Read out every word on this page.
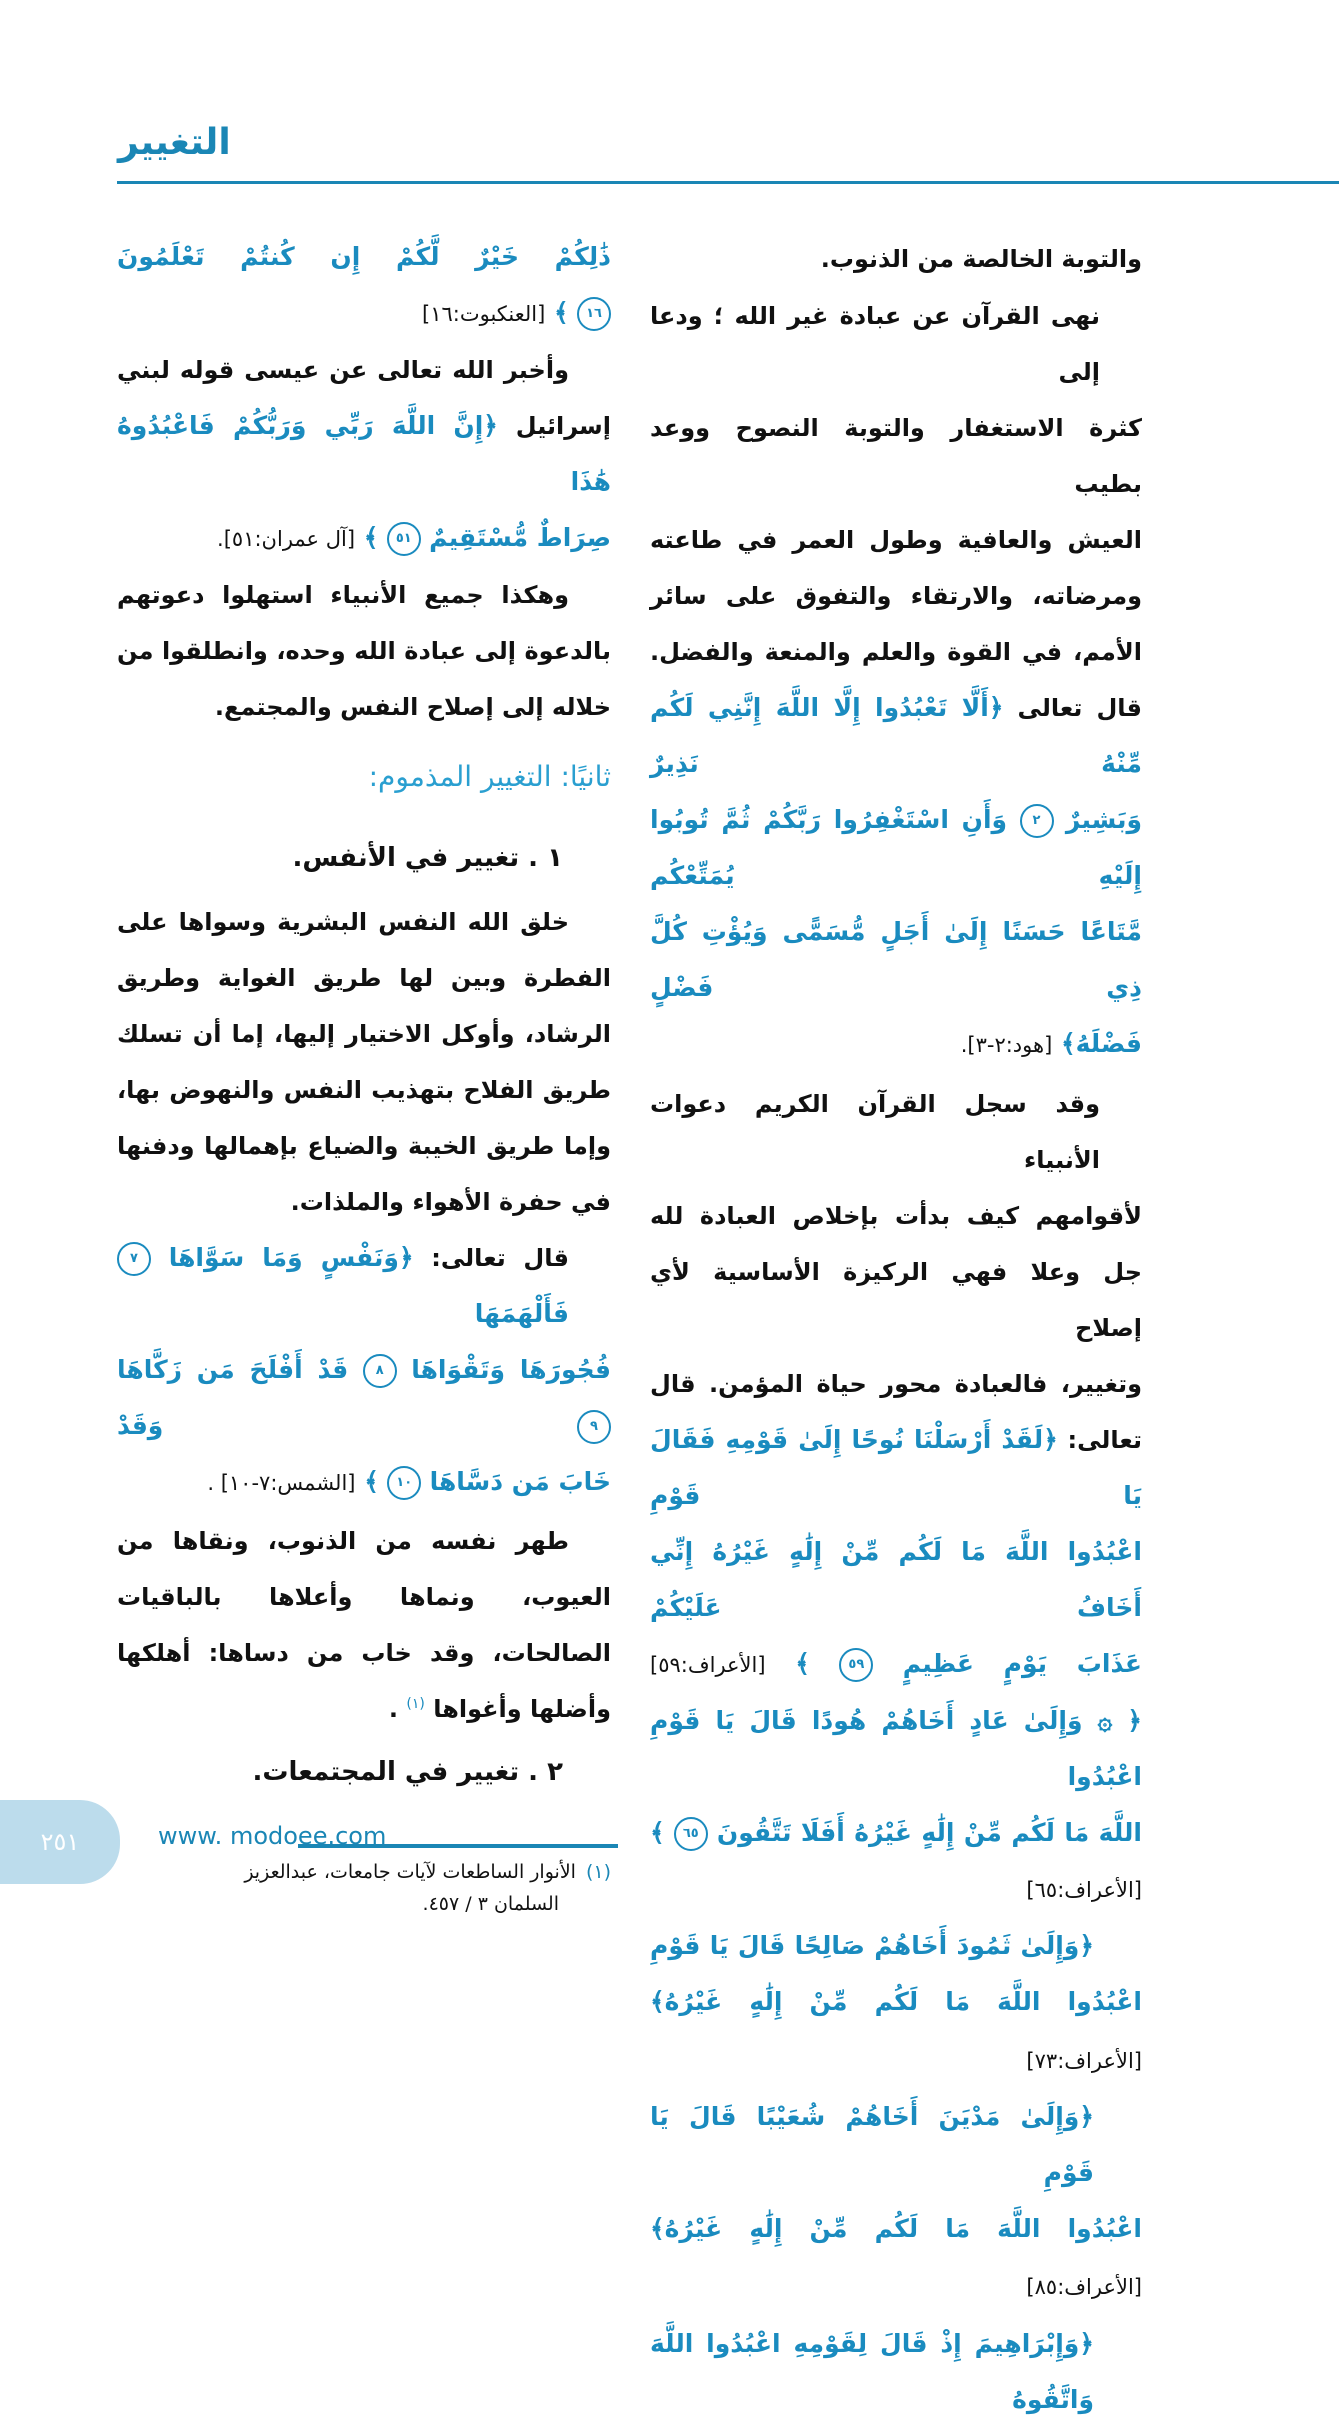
التغيير
والتوبة الخالصة من الذنوب.
نهى القرآن عن عبادة غير الله ؛ ودعا إلى
كثرة الاستغفار والتوبة النصوح ووعد بطيب
العيش والعافية وطول العمر في طاعته
ومرضاته، والارتقاء والتفوق على سائر
الأمم، في القوة والعلم والمنعة والفضل.
قال تعالى ﴿أَلَّا تَعْبُدُوا إِلَّا اللَّهَ إِنَّنِي لَكُم مِّنْهُ نَذِيرٌ
وَبَشِيرٌ ٢ وَأَنِ اسْتَغْفِرُوا رَبَّكُمْ ثُمَّ تُوبُوا إِلَيْهِ يُمَتِّعْكُم
مَّتَاعًا حَسَنًا إِلَىٰ أَجَلٍ مُّسَمًّى وَيُؤْتِ كُلَّ ذِي فَضْلٍ
فَضْلَهُ﴾ [هود:٢-٣].
وقد سجل القرآن الكريم دعوات الأنبياء
لأقوامهم كيف بدأت بإخلاص العبادة لله
جل وعلا فهي الركيزة الأساسية لأي إصلاح
وتغيير، فالعبادة محور حياة المؤمن. قال
تعالى: ﴿لَقَدْ أَرْسَلْنَا نُوحًا إِلَىٰ قَوْمِهِ فَقَالَ يَا قَوْمِ
اعْبُدُوا اللَّهَ مَا لَكُم مِّنْ إِلَٰهٍ غَيْرُهُ إِنِّي أَخَافُ عَلَيْكُمْ
عَذَابَ يَوْمٍ عَظِيمٍ ٥٩ ﴾ [الأعراف:٥٩]
﴿ ۞ وَإِلَىٰ عَادٍ أَخَاهُمْ هُودًا قَالَ يَا قَوْمِ اعْبُدُوا
اللَّهَ مَا لَكُم مِّنْ إِلَٰهٍ غَيْرُهُ أَفَلَا تَتَّقُونَ ٦٥ ﴾
[الأعراف:٦٥]
﴿وَإِلَىٰ ثَمُودَ أَخَاهُمْ صَالِحًا قَالَ يَا قَوْمِ
اعْبُدُوا اللَّهَ مَا لَكُم مِّنْ إِلَٰهٍ غَيْرُهُ﴾
[الأعراف:٧٣]
﴿وَإِلَىٰ مَدْيَنَ أَخَاهُمْ شُعَيْبًا قَالَ يَا قَوْمِ
اعْبُدُوا اللَّهَ مَا لَكُم مِّنْ إِلَٰهٍ غَيْرُهُ﴾
[الأعراف:٨٥]
﴿وَإِبْرَاهِيمَ إِذْ قَالَ لِقَوْمِهِ اعْبُدُوا اللَّهَ وَاتَّقُوهُ
ذَٰلِكُمْ خَيْرٌ لَّكُمْ إِن كُنتُمْ تَعْلَمُونَ
١٦ ﴾ [العنكبوت:١٦]
وأخبر الله تعالى عن عيسى قوله لبني
إسرائيل ﴿إِنَّ اللَّهَ رَبِّي وَرَبُّكُمْ فَاعْبُدُوهُ هَٰذَا
صِرَاطٌ مُّسْتَقِيمٌ ٥١ ﴾ [آل عمران:٥١].
وهكذا جميع الأنبياء استهلوا دعوتهم
بالدعوة إلى عبادة الله وحده، وانطلقوا من
خلاله إلى إصلاح النفس والمجتمع.
ثانيًا: التغيير المذموم:
١ . تغيير في الأنفس.
خلق الله النفس البشرية وسواها على
الفطرة وبين لها طريق الغواية وطريق
الرشاد، وأوكل الاختيار إليها، إما أن تسلك
طريق الفلاح بتهذيب النفس والنهوض بها،
وإما طريق الخيبة والضياع بإهمالها ودفنها
في حفرة الأهواء والملذات.
قال تعالى: ﴿وَنَفْسٍ وَمَا سَوَّاهَا ٧ فَأَلْهَمَهَا
فُجُورَهَا وَتَقْوَاهَا ٨ قَدْ أَفْلَحَ مَن زَكَّاهَا ٩ وَقَدْ
خَابَ مَن دَسَّاهَا ١٠ ﴾ [الشمس:٧-١٠] .
طهر نفسه من الذنوب، ونقاها من
العيوب، ونماها وأعلاها بالباقيات
الصالحات، وقد خاب من دساها: أهلكها
وأضلها وأغواها $^{(١)}$ .
٢ . تغيير في المجتمعات.
(١)الأنوار الساطعات لآيات جامعات، عبدالعزيز
السلمان ٣ / ٤٥٧.
٢٥١	www. modoee.com
